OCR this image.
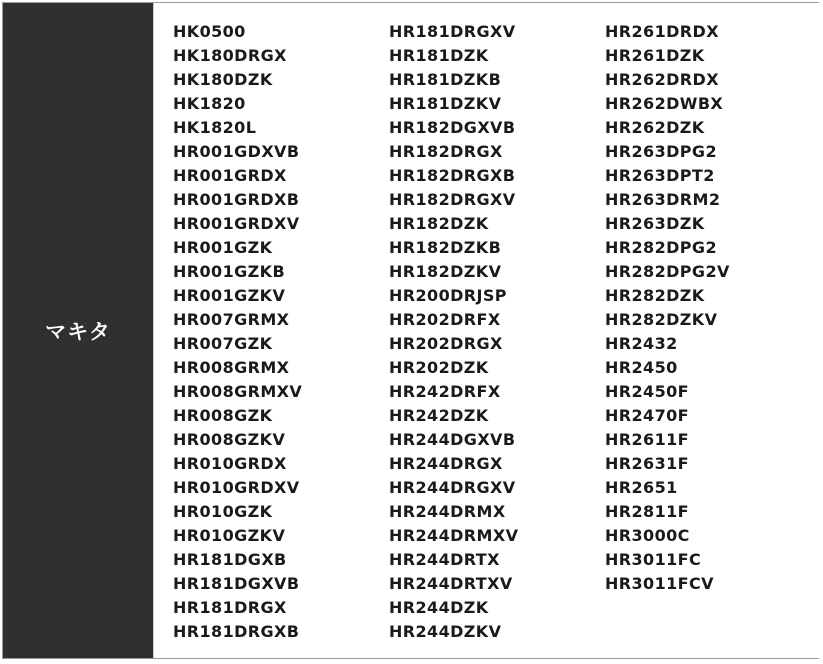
マキタ
HK0500
HK180DRGX
HK180DZK
HK1820
HK1820L
HR001GDXVB
HR001GRDX
HR001GRDXB
HR001GRDXV
HR001GZK
HR001GZKB
HR001GZKV
HR007GRMX
HR007GZK
HR008GRMX
HR008GRMXV
HR008GZK
HR008GZKV
HR010GRDX
HR010GRDXV
HR010GZK
HR010GZKV
HR181DGXB
HR181DGXVB
HR181DRGX
HR181DRGXB
HR181DRGXV
HR181DZK
HR181DZKB
HR181DZKV
HR182DGXVB
HR182DRGX
HR182DRGXB
HR182DRGXV
HR182DZK
HR182DZKB
HR182DZKV
HR200DRJSP
HR202DRFX
HR202DRGX
HR202DZK
HR242DRFX
HR242DZK
HR244DGXVB
HR244DRGX
HR244DRGXV
HR244DRMX
HR244DRMXV
HR244DRTX
HR244DRTXV
HR244DZK
HR244DZKV
HR261DRDX
HR261DZK
HR262DRDX
HR262DWBX
HR262DZK
HR263DPG2
HR263DPT2
HR263DRM2
HR263DZK
HR282DPG2
HR282DPG2V
HR282DZK
HR282DZKV
HR2432
HR2450
HR2450F
HR2470F
HR2611F
HR2631F
HR2651
HR2811F
HR3000C
HR3011FC
HR3011FCV
